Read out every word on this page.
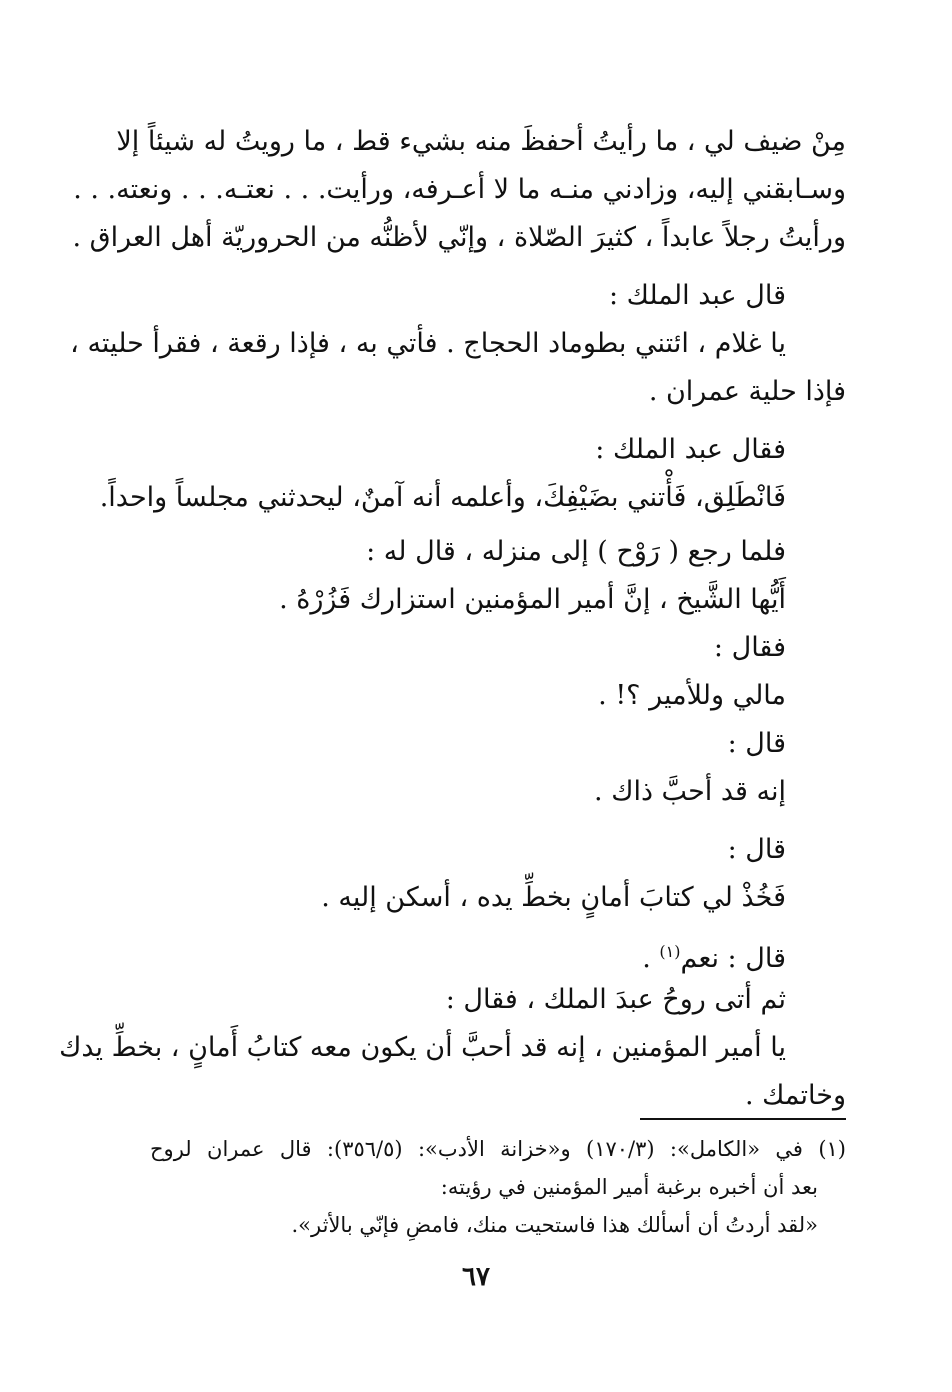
مِنْ ضيف لي ، ما رأيتُ أحفظَ منه بشيء قط ، ما رويتُ له شيئاً إلا
وسـابقني إليه، وزادني منـه ما لا أعـرفه، ورأيت. . . نعتـه. . . ونعته. . .
ورأيتُ رجلاً عابداً ، كثيرَ الصّلاة ، وإنّي لأظنُّه من الحروريّة أهل العراق .
قال عبد الملك :
يا غلام ، ائتني بطوماد الحجاج . فأتي به ، فإذا رقعة ، فقرأ حليته ،
فإذا حلية عمران .
فقال عبد الملك :
فَانْطَلِق، فَأْتني بضَيْفِكَ، وأعلمه أنه آمنٌ، ليحدثني مجلساً واحداً.
فلما رجع ( رَوْح ) إلى منزله ، قال له :
أَيُّها الشَّيخ ، إنَّ أمير المؤمنين استزارك فَزُرْهُ .
فقال :
مالي وللأمير ؟! .
قال :
إنه قد أحبَّ ذاك .
قال :
فَخُذْ لي كتابَ أمانٍ بخطِّ يده ، أسكن إليه .
قال : نعم$^{(١)}$ .
ثم أتى روحُ عبدَ الملك ، فقال :
يا أمير المؤمنين ، إنه قد أحبَّ أن يكون معه كتابُ أَمانٍ ، بخطِّ يدك
وخاتمك .
(١) في «الكامل»: (١٧٠/٣) و«خزانة الأدب»: (٣٥٦/٥): قال عمران لروح
بعد أن أخبره برغبة أمير المؤمنين في رؤيته:
«لقد أردتُ أن أسألك هذا فاستحيت منك، فامضِ فإنّي بالأثر».
٦٧
